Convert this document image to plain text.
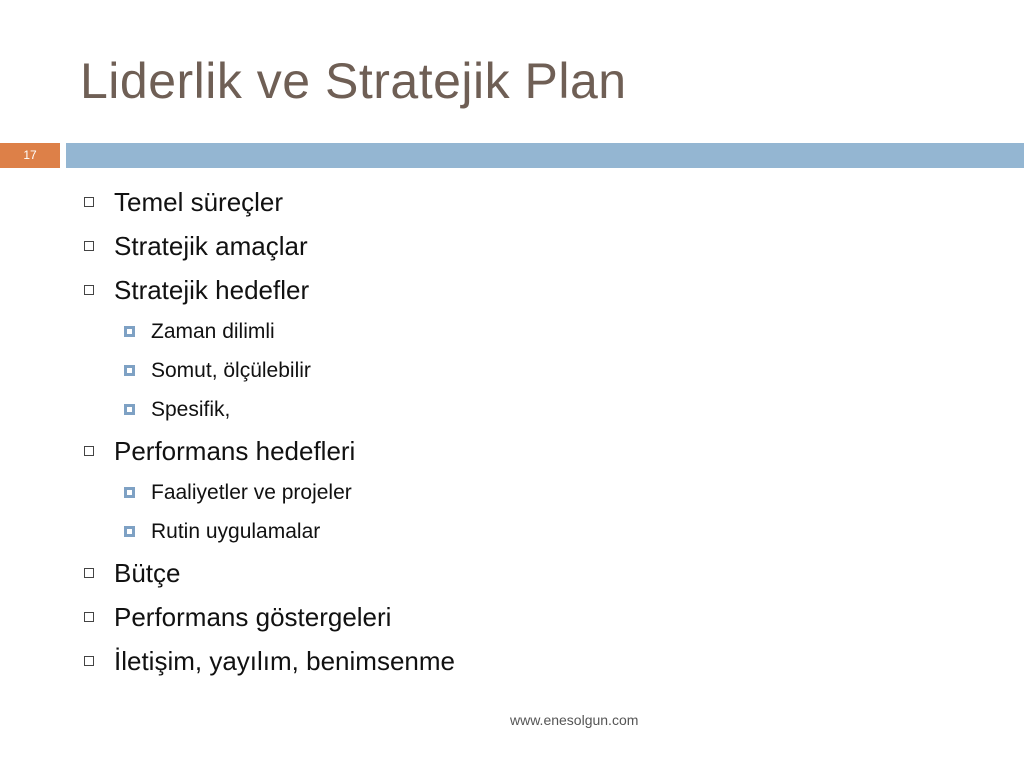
Liderlik ve Stratejik Plan
17
Temel süreçler
Stratejik amaçlar
Stratejik hedefler
Zaman dilimli
Somut, ölçülebilir
Spesifik,
Performans hedefleri
Faaliyetler ve projeler
Rutin uygulamalar
Bütçe
Performans göstergeleri
İletişim, yayılım, benimsenme
www.enesolgun.com
